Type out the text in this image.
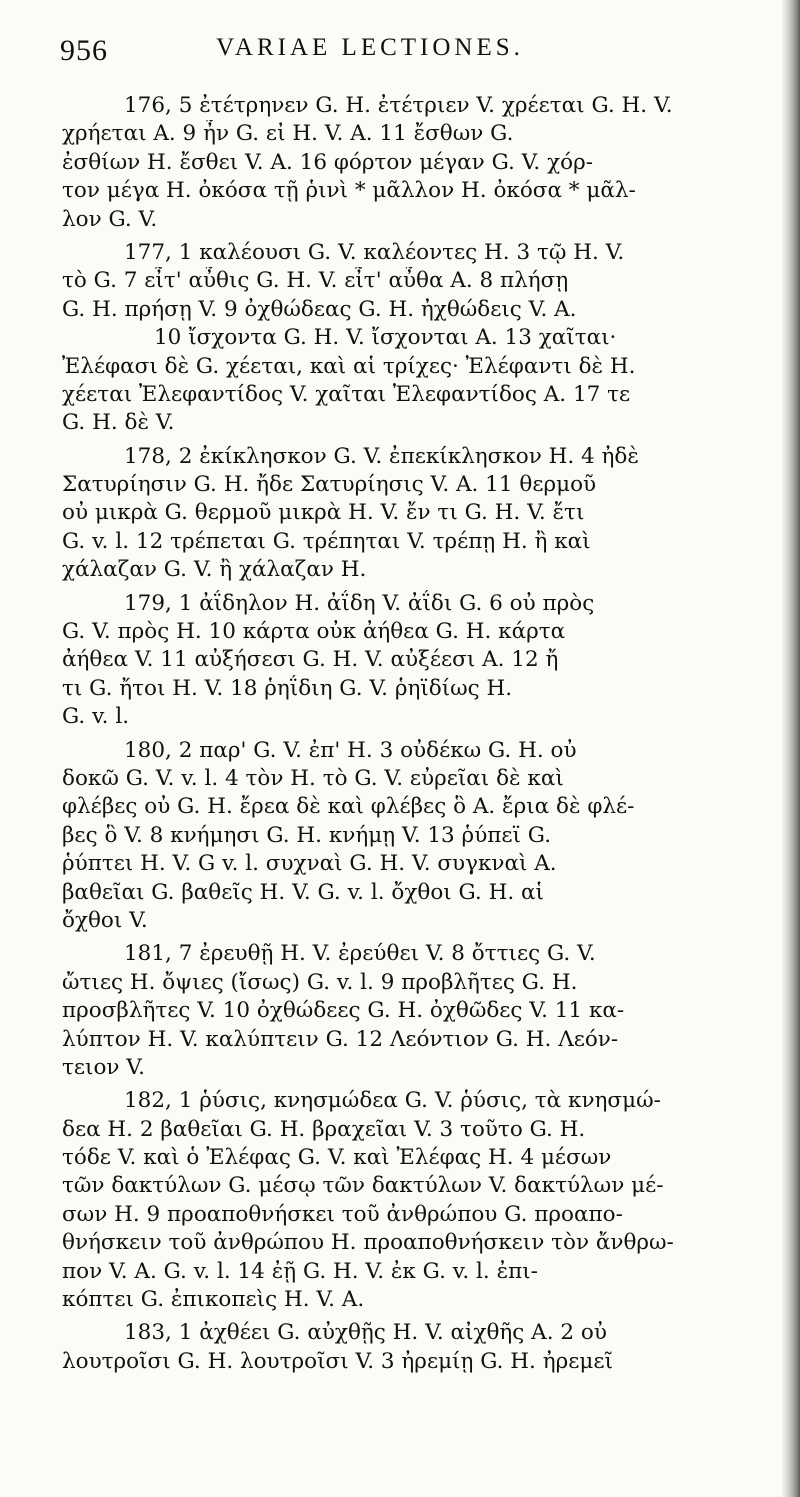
956	VARIAE LECTIONES.
176, 5 ἐτέτρηνεν G. H. ἐτέτριεν V. χρέεται G. H. V.
χρήεται A. 9 ἦν G. εἰ H. V. A. 11 ἔσθων G.
ἐσθίων H. ἔσθει V. A. 16 φόρτον μέγαν G. V. χόρ-
τον μέγα H. ὀκόσα τῇ ῥινὶ * μᾶλλον H. ὀκόσα * μᾶλ-
λον G. V.
177, 1 καλέουσι G. V. καλέοντες H. 3 τῷ H. V.
τὸ G. 7 εἶτ' αὖθις G. H. V. εἶτ' αὖθα A. 8 πλήσῃ
G. H. πρήσῃ V. 9 ὀχθώδεας G. H. ἠχθώδεις V. A.
10 ἴσχοντα G. H. V. ἴσχονται A. 13 χαῖται·
Ἐλέφασι δὲ G. χέεται, καὶ αἱ τρίχες· Ἐλέφαντι δὲ H.
χέεται Ἐλεφαντίδος V. χαῖται Ἐλεφαντίδος A. 17 τε
G. H. δὲ V.
178, 2 ἐκίκλησκον G. V. ἐπεκίκλησκον H. 4 ἠδὲ
Σατυρίησιν G. H. ἤδε Σατυρίησις V. A. 11 θερμοῦ
οὐ μικρὰ G. θερμοῦ μικρὰ H. V. ἔν τι G. H. V. ἔτι
G. v. l. 12 τρέπεται G. τρέπηται V. τρέπῃ H. ἢ καὶ
χάλαζαν G. V. ἢ χάλαζαν H.
179, 1 ἀΐδηλον H. ἀΐδη V. ἀΐδι G. 6 οὐ πρὸς
G. V. πρὸς H. 10 κάρτα οὐκ ἀήθεα G. H. κάρτα
ἀήθεα V. 11 αὐξήσεσι G. H. V. αὐξέεσι A. 12 ἤ
τι G. ἤτοι H. V. 18 ῥηΐδιη G. V. ῥηϊδίως H.
G. v. l.
180, 2 παρ' G. V. ἐπ' H. 3 οὐδέκω G. H. οὐ
δοκῶ G. V. v. l. 4 τὸν H. τὸ G. V. εὐρεῖαι δὲ καὶ
φλέβες οὐ G. H. ἔρεα δὲ καὶ φλέβες ὃ A. ἔρια δὲ φλέ-
βες ὃ V. 8 κνήμησι G. H. κνήμῃ V. 13 ῥύπεϊ G.
ῥύπτει H. V. G v. l. συχναὶ G. H. V. συγκναὶ A.
βαθεῖαι G. βαθεῖς H. V. G. v. l. ὄχθοι G. H. αἱ
ὄχθοι V.
181, 7 ἐρευθῇ H. V. ἐρεύθει V. 8 ὄττιες G. V.
ὤτιες H. ὄψιες (ἴσως) G. v. l. 9 προβλῆτες G. H.
προσβλῆτες V. 10 ὀχθώδεες G. H. ὀχθῶδες V. 11 κα-
λύπτον H. V. καλύπτειν G. 12 Λεόντιον G. H. Λεόν-
τειον V.
182, 1 ῥύσις, κνησμώδεα G. V. ῥύσις, τὰ κνησμώ-
δεα H. 2 βαθεῖαι G. H. βραχεῖαι V. 3 τοῦτο G. H.
τόδε V. καὶ ὁ Ἐλέφας G. V. καὶ Ἐλέφας H. 4 μέσων
τῶν δακτύλων G. μέσῳ τῶν δακτύλων V. δακτύλων μέ-
σων H. 9 προαποθνήσκει τοῦ ἀνθρώπου G. προαπο-
θνήσκειν τοῦ ἀνθρώπου H. προαποθνήσκειν τὸν ἄνθρω-
πον V. A. G. v. l. 14 ἐῇ G. H. V. ἐκ G. v. l. ἐπι-
κόπτει G. ἐπικοπεὶς H. V. A.
183, 1 ἀχθέει G. αὐχθῇς H. V. αἰχθῆς A. 2 οὐ
λουτροῖσι G. H. λουτροῖσι V. 3 ἠρεμίῃ G. H. ἠρεμεῖ
